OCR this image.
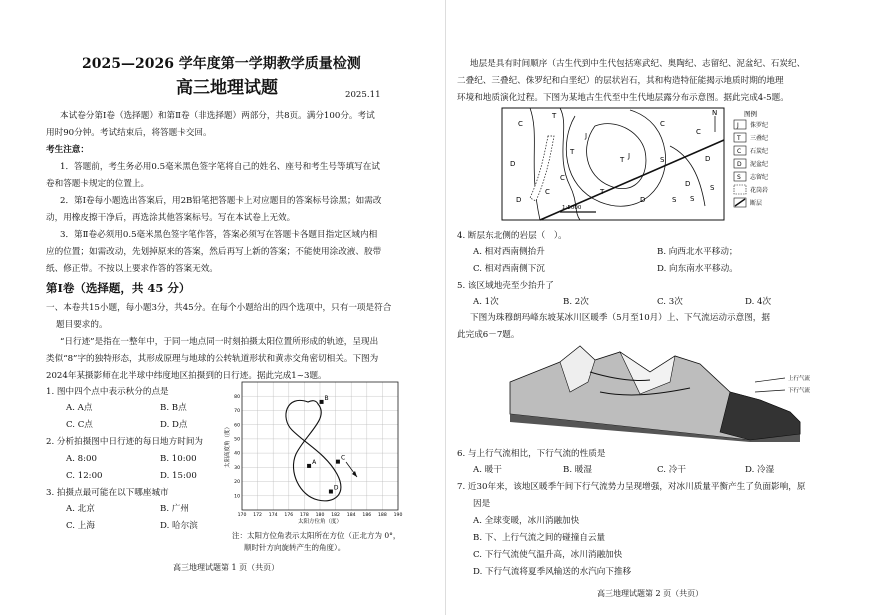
2025—2026 学年度第一学期教学质量检测
高三地理试题	2025.11
本试卷分第Ⅰ卷（选择题）和第Ⅱ卷（非选择题）两部分，共8页。满分100分。考试
用时90分钟。考试结束后，将答题卡交回。
考生注意：
1．答题前，考生务必用0.5毫米黑色签字笔将自己的姓名、座号和考生号等填写在试
卷和答题卡规定的位置上。
2．第Ⅰ卷每小题选出答案后，用2B铅笔把答题卡上对应题目的答案标号涂黑；如需改
动，用橡皮擦干净后，再选涂其他答案标号。写在本试卷上无效。
3．第Ⅱ卷必须用0.5毫米黑色签字笔作答，答案必须写在答题卡各题目指定区域内相
应的位置；如需改动，先划掉原来的答案，然后再写上新的答案；不能使用涂改液、胶带
纸、修正带。不按以上要求作答的答案无效。
第Ⅰ卷（选择题，共 45 分）
一、本卷共15小题，每小题3分，共45分。在每个小题给出的四个选项中，只有一项是符合
题目要求的。
“日行迹”是指在一整年中，于同一地点同一时刻拍摄太阳位置所形成的轨迹，呈现出
类似“8”字的独特形态，其形成原理与地球的公转轨道形状和黄赤交角密切相关。下图为
2024年某摄影师在北半球中纬度地区拍摄到的日行迹。据此完成1~3题。
1. 图中四个点中表示秋分的点是
A. A点	B. B点
C. C点	D. D点
2. 分析拍摄图中日行迹的每日地方时间为
A. 8:00	B. 10:00
C. 12:00	D. 15:00
3. 拍摄点最可能在以下哪座城市
A. 北京	B. 广州
C. 上海	D. 哈尔滨
A
B
C
D
170 172 174 176 178 180 182 184 186 188 190
10
20
30
40
50
60
70
80
太阳方位角（度）
太阳高度角（度）
注：太阳方位角表示太阳所在方位（正北方为 0°，
顺时针方向旋转产生的角度）。
高三地理试题第 1 页（共页）
地层是具有时间顺序（古生代到中生代包括寒武纪、奥陶纪、志留纪、泥盆纪、石炭纪、
二叠纪、三叠纪、侏罗纪和白垩纪）的层状岩石，其和构造特征能揭示地质时期的地理
环境和地质演化过程。下图为某地古生代至中生代地层露分布示意图。据此完成4-5题。
N
1:5000
C
T
J
T
D
C
T J
D
S
T
C
D
S
C
D
S
D	S
C
图例
J 侏罗纪
T 三叠纪
C 石炭纪
D 泥盆纪
S 志留纪
花岗岩
断层
4. 断层东北侧的岩层（　）。
A. 相对西南侧抬升	B. 向西北水平移动；
C. 相对西南侧下沉	D. 向东南水平移动。
5. 该区域地壳至少抬升了
A. 1次	B. 2次	C. 3次	D. 4次
下图为珠穆朗玛峰东坡某冰川区暖季（5月至10月）上、下气流运动示意图，据
此完成6－7题。
上行气流
下行气流
6. 与上行气流相比，下行气流的性质是
A. 暖干	B. 暖湿	C. 冷干	D. 冷湿
7. 近30年来，该地区暖季午间下行气流势力呈现增强，对冰川质量平衡产生了负面影响，原
因是
A. 全球变暖，冰川消融加快
B. 下、上行气流之间的碰撞自云量
C. 下行气流使气温升高，冰川消融加快
D. 下行气流将夏季风输送的水汽向下推移
高三地理试题第 2 页（共页）
